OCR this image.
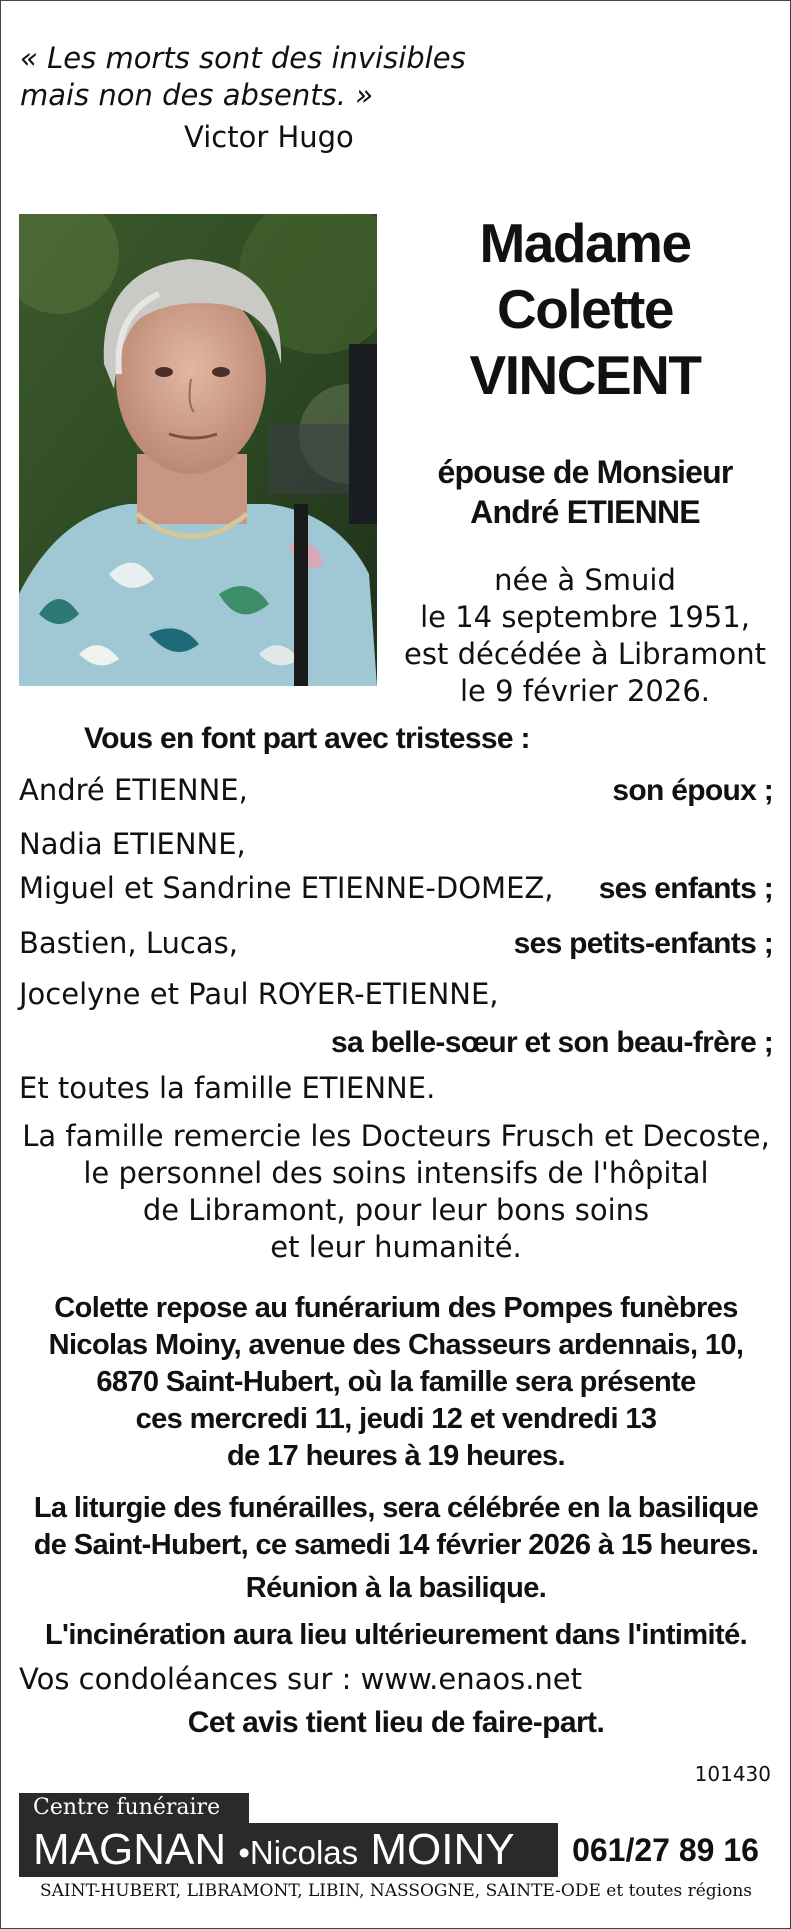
« Les morts sont des invisibles
mais non des absents. »
Victor Hugo
Madame
Colette
VINCENT
épouse de Monsieur
André ETIENNE
née à Smuid
le 14 septembre 1951,
est décédée à Libramont
le 9 février 2026.
Vous en font part avec tristesse :
André ETIENNE,	son époux ;
Nadia ETIENNE,
Miguel et Sandrine ETIENNE-DOMEZ, ses enfants ;
Bastien, Lucas,	ses petits-enfants ;
Jocelyne et Paul ROYER-ETIENNE,
sa belle-sœur et son beau-frère ;
Et toutes la famille ETIENNE.
La famille remercie les Docteurs Frusch et Decoste,
le personnel des soins intensifs de l'hôpital
de Libramont, pour leur bons soins
et leur humanité.
Colette repose au funérarium des Pompes funèbres
Nicolas Moiny, avenue des Chasseurs ardennais, 10,
6870 Saint-Hubert, où la famille sera présente
ces mercredi 11, jeudi 12 et vendredi 13
de 17 heures à 19 heures.
La liturgie des funérailles, sera célébrée en la basilique
de Saint-Hubert, ce samedi 14 février 2026 à 15 heures.
Réunion à la basilique.
L'incinération aura lieu ultérieurement dans l'intimité.
Vos condoléances sur : www.enaos.net
Cet avis tient lieu de faire-part.
101430
Centre funéraire
MAGNAN •Nicolas MOINY	061/27 89 16
SAINT-HUBERT, LIBRAMONT, LIBIN, NASSOGNE, SAINTE-ODE et toutes régions
